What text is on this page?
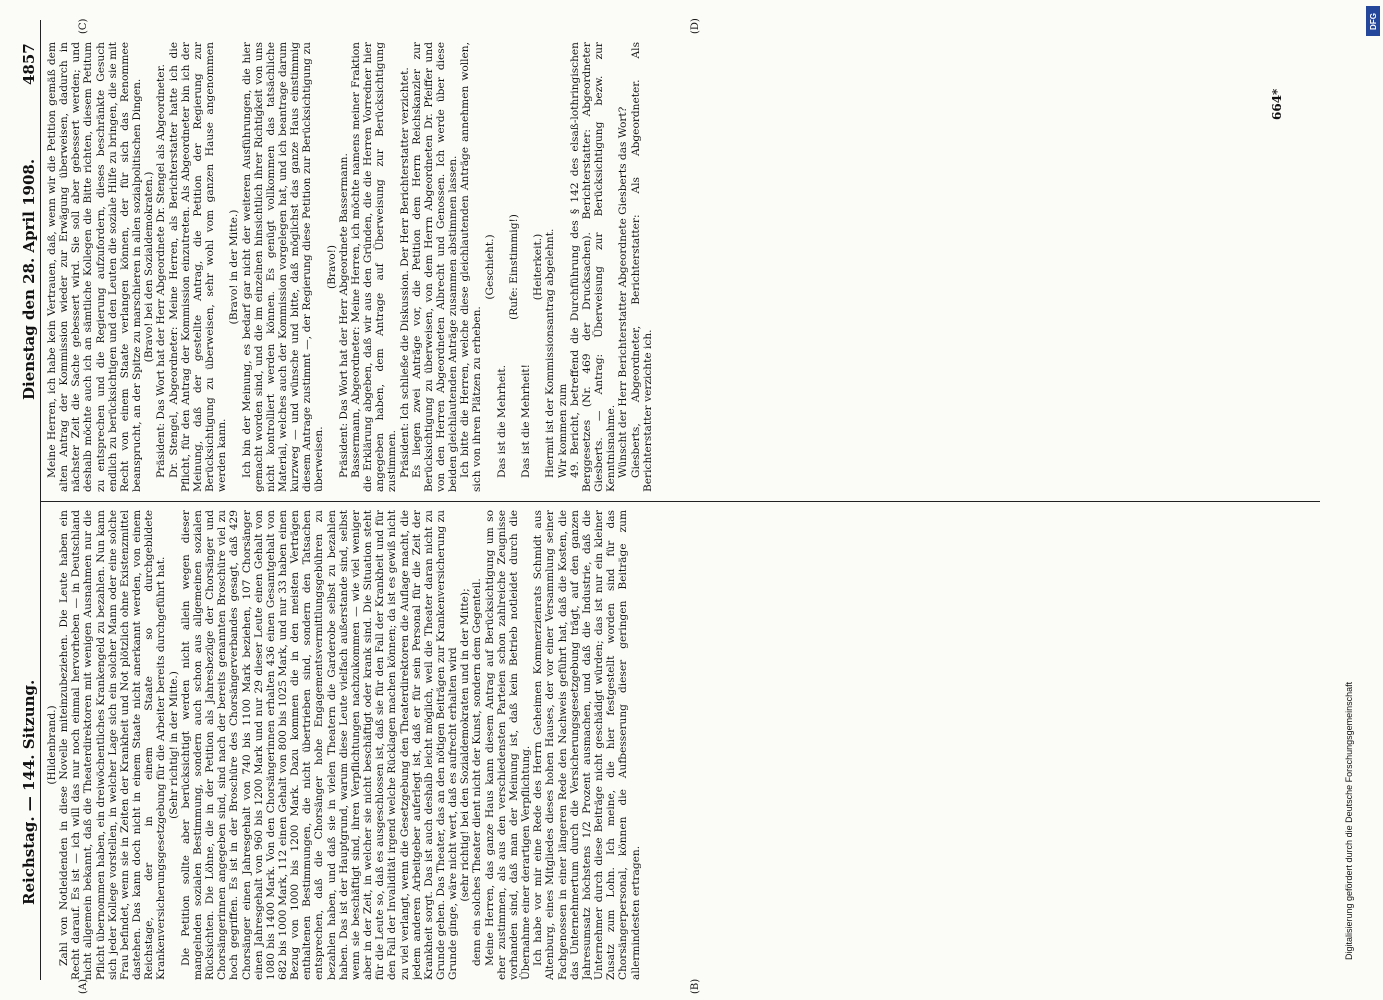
Reichstag. — 144. Sitzung.
Dienstag den 28. April 1908.
4857
(A)	(B)

(Hildenbrand.) Zahl von Notleidenden in diese Novelle miteinzubeziehen. Die Leute haben ein Recht darauf. Es ist — ich will das nur noch einmal hervorheben — in Deutschland nicht allgemein bekannt, daß die Theaterdirektoren mit wenigen Ausnahmen nur die Pflicht übernommen haben, ein dreiwöchentliches Krankengeld zu bezahlen. Nun kann sich jeder Kollege vorstellen, in welcher Lage sich ein solcher Mann oder eine solche Frau befindet, wenn sie in Zeiten der Krankheit und Not plötzlich ohne Existenzmittel dastehen. Das kann doch nicht in einem Staate nicht anerkannt werden, von einem Reichstage, der in einem Staate so durchgebildete Krankenversicherungsgesetzgebung für die Arbeiter bereits durchgeführt hat. (Sehr richtig! in der Mitte.) Die Petition sollte aber berücksichtigt werden nicht allein wegen dieser mangelnden sozialen Bestimmung, sondern auch schon aus allgemeinen sozialen Rücksichten. Die Löhne, die in der Petition als Jahresbezüge der Chorsänger und Chorsängerinnen angegeben sind, sind nach der bereits genannten Broschüre viel zu hoch gegriffen. Es ist in der Broschüre des Chorsängerverbandes gesagt, daß 429 Chorsänger einen Jahresgehalt von 740 bis 1100 Mark beziehen, 107 Chorsänger einen Jahresgehalt von 960 bis 1200 Mark und nur 29 dieser Leute einen Gehalt von 1080 bis 1400 Mark. Von den Chorsängerinnen erhalten 436 einen Gesamtgehalt von 682 bis 1000 Mark, 112 einen Gehalt von 800 bis 1025 Mark, und nur 33 haben einen Bezug von 1000 bis 1200 Mark. Dazu kommen die in den meisten Verträgen enthaltenen Bestimmungen, die nicht übertrieben sind, sondern den Tatsachen entsprechen, daß die Chorsänger hohe Engagementsvermittlungsgebühren zu bezahlen haben, und daß sie in vielen Theatern die Garderobe selbst zu bezahlen haben. Das ist der Hauptgrund, warum diese Leute vielfach außerstande sind, selbst wenn sie beschäftigt sind, ihren Verpflichtungen nachzukommen — wie viel weniger aber in der Zeit, in welcher sie nicht beschäftigt oder krank sind. Die Situation steht für die Leute so, daß es ausgeschlossen ist, daß sie für den Fall der Krankheit und für den Fall der Invalidität irgend welche Rücklagen machen können; da ist es gewiß nicht zu viel verlangt, wenn die Gesetzgebung den Theaterdirektoren die Auflage macht, die jedem anderen Arbeitgeber auferlegt ist, daß er für sein Personal für die Zeit der Krankheit sorgt. Das ist auch deshalb leicht möglich, weil die Theater daran nicht zu Grunde gehen. Das Theater, das an den nötigen Beiträgen zur Krankenversicherung zu Grunde ginge, wäre nicht wert, daß es aufrecht erhalten wird (sehr richtig! bei den Sozialdemokraten und in der Mitte); denn ein solches Theater dient nicht der Kunst, sondern dem Gegenteil. Meine Herren, das ganze Haus kann diesem Antrag auf Berücksichtigung um so eher zustimmen, als aus den verschiedensten Parteien schon zahlreiche Zeugnisse vorhanden sind, daß man der Meinung ist, daß kein Betrieb notleidet durch die Übernahme einer derartigen Verpflichtung. Ich habe vor mir eine Rede des Herrn Geheimen Kommerzienrats Schmidt aus Altenburg, eines Mitgliedes dieses hohen Hauses, der vor einer Versammlung seiner Fachgenossen in einer längeren Rede den Nachweis geführt hat, daß die Kosten, die das Unternehmertum durch die Versicherungsgesetzgebung trägt, auf den ganzen Jahresumsatz höchstens 1/2 Prozent ausmachen, und daß die Industrie, daß die Unternehmer durch diese Beiträge nicht geschädigt würden; das ist nur ein kleiner Zusatz zum Lohn. Ich meine, die hier festgestellt worden sind für das Chorsängerpersonal, können die Aufbesserung dieser geringen Beiträge zum allermindesten ertragen.

(C)	(D)

Meine Herren, ich habe kein Vertrauen, daß, wenn wir die Petition gemäß dem alten Antrag der Kommission wieder zur Erwägung überweisen, dadurch in nächster Zeit die Sache gebessert wird. Sie soll aber gebessert werden; und deshalb möchte auch ich an sämtliche Kollegen die Bitte richten, diesem Petitum zu entsprechen und die Regierung aufzufordern, dieses beschränkte Gesuch endlich zu berücksichtigen und den Leuten die soziale Hilfe zu bringen, die sie mit Recht von einem Staate verlangen können, der für sich das Renommee beansprucht, an der Spitze zu marschieren in allen sozialpolitischen Dingen. (Bravo! bei den Sozialdemokraten.) Präsident: Das Wort hat der Herr Abgeordnete Dr. Stengel als Abgeordneter. Dr. Stengel, Abgeordneter: Meine Herren, als Berichterstatter hatte ich die Pflicht, für den Antrag der Kommission einzutreten. Als Abgeordneter bin ich der Meinung, daß der gestellte Antrag, die Petition der Regierung zur Berücksichtigung zu überweisen, sehr wohl vom ganzen Hause angenommen werden kann.

(Bravo! in der Mitte.) Ich bin der Meinung, es bedarf gar nicht der weiteren Ausführungen, die hier gemacht worden sind, und die im einzelnen hinsichtlich ihrer Richtigkeit von uns nicht kontrolliert werden können. Es genügt vollkommen das tatsächliche Material, welches auch der Kommission vorgelegen hat, und ich beantrage darum kurzweg — und wünsche und bitte, daß möglichst das ganze Haus einstimmig diesem Antrage zustimmt —, der Regierung diese Petition zur Berücksichtigung zu überweisen.

(Bravo!) Präsident: Das Wort hat der Herr Abgeordnete Bassermann. Bassermann, Abgeordneter: Meine Herren, ich möchte namens meiner Fraktion die Erklärung abgeben, daß wir aus den Gründen, die die Herren Vorredner hier angegeben haben, dem Antrage auf Überweisung zur Berücksichtigung zustimmen. Präsident: Ich schließe die Diskussion. Der Herr Berichterstatter verzichtet. Es liegen zwei Anträge vor, die Petition dem Herrn Reichskanzler zur Berücksichtigung zu überweisen, von dem Herrn Abgeordneten Dr. Pfeiffer und von den Herren Abgeordneten Albrecht und Genossen. Ich werde über diese beiden gleichlautenden Anträge zusammen abstimmen lassen. Ich bitte die Herren, welche diese gleichlautenden Anträge annehmen wollen, sich von ihren Plätzen zu erheben.

(Geschieht.)

Das ist die Mehrheit.

(Rufe: Einstimmig!)

Das ist die Mehrheit!

(Heiterkeit.) Hiermit ist der Kommissionsantrag abgelehnt. Wir kommen zum 49. Bericht, betreffend die Durchführung des § 142 des elsaß-lothringischen Berggesetzes (Nr. 469 der Drucksachen). Berichterstatter: Abgeordneter Giesberts. — Antrag: Überweisung zur Berücksichtigung bezw. zur Kenntnisnahme. Wünscht der Herr Berichterstatter Abgeordnete Giesberts das Wort? Giesberts, Abgeordneter, Berichterstatter: Als Abgeordneter. Als Berichterstatter verzichte ich.

664*
Digitalisierung gefördert durch die Deutsche Forschungsgemeinschaft
DFG
